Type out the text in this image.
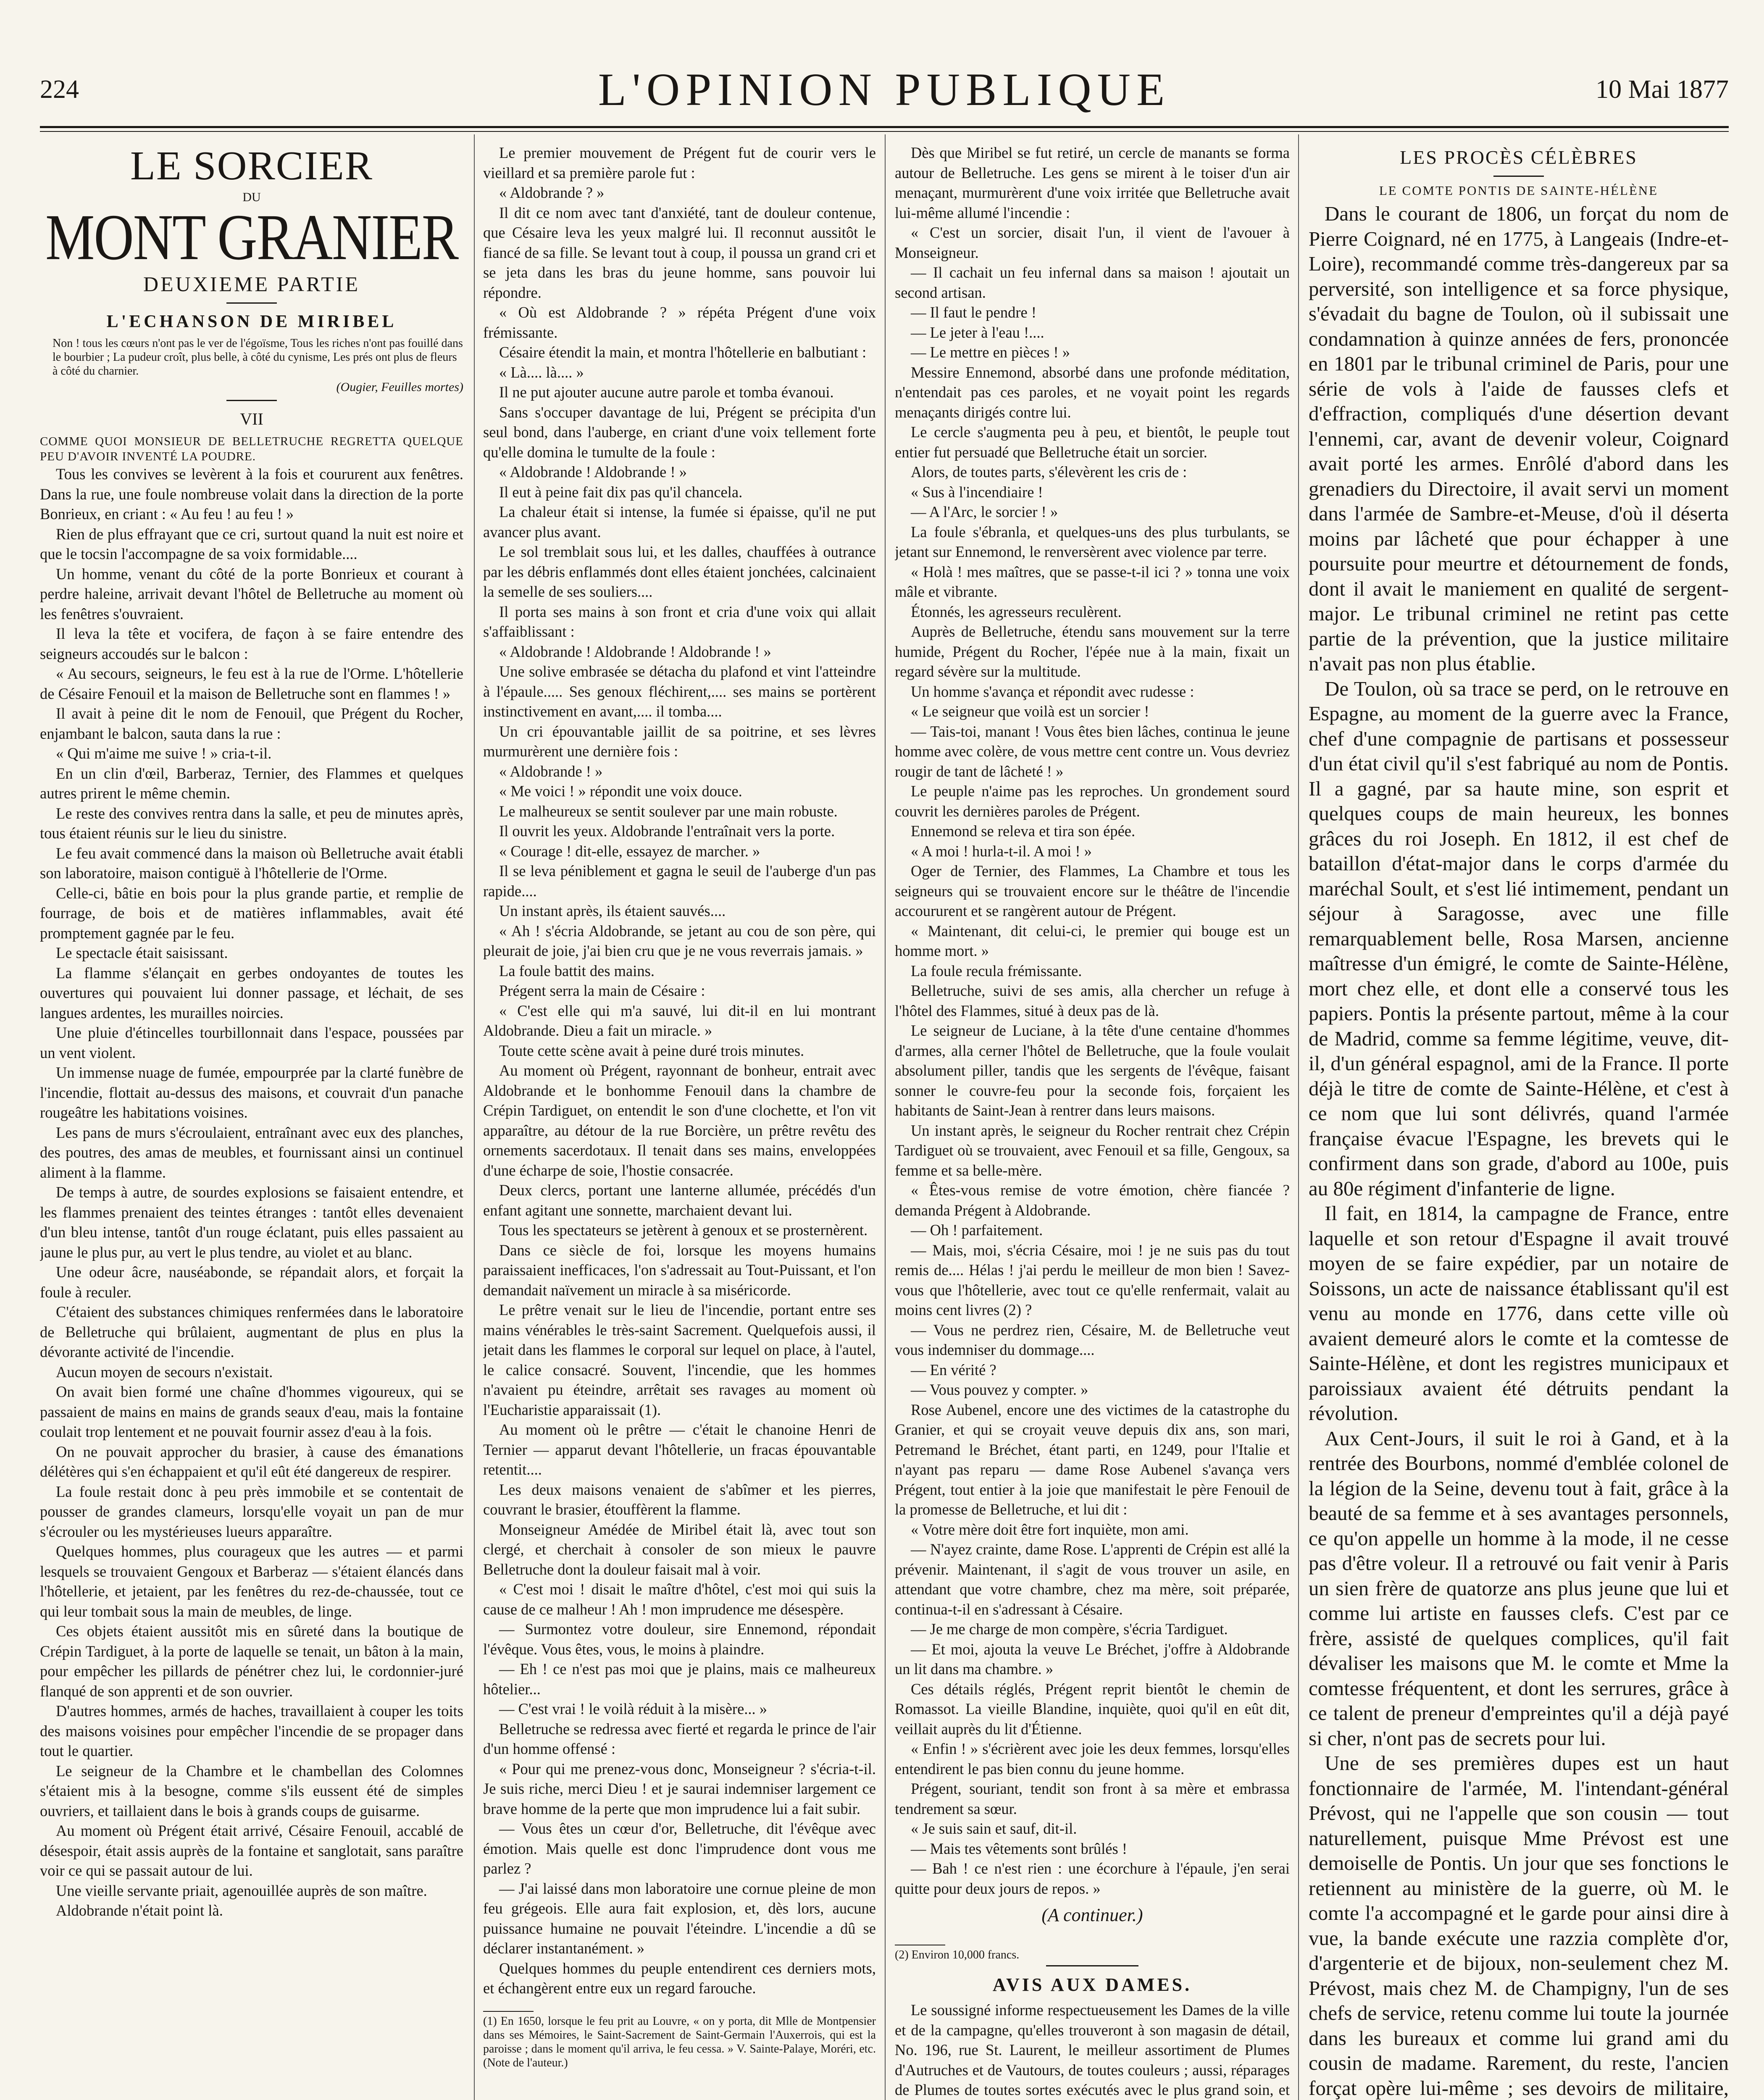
224	L'OPINION PUBLIQUE	10 Mai 1877

LE SORCIER

DU

MONT GRANIER

DEUXIEME PARTIE

L'ECHANSON DE MIRIBEL

Non ! tous les cœurs n'ont pas le ver de l'égoïsme, Tous les riches n'ont pas fouillé dans le bourbier ; La pudeur croît, plus belle, à côté du cynisme, Les prés ont plus de fleurs à côté du charnier.

(Ougier, Feuilles mortes)

VII

COMME QUOI MONSIEUR DE BELLETRUCHE REGRETTA QUELQUE PEU D'AVOIR INVENTÉ LA POUDRE.

Tous les convives se levèrent à la fois et coururent aux fenêtres. Dans la rue, une foule nombreuse volait dans la direction de la porte Bonrieux, en criant : « Au feu ! au feu ! »

Rien de plus effrayant que ce cri, surtout quand la nuit est noire et que le tocsin l'accompagne de sa voix formidable....

Un homme, venant du côté de la porte Bonrieux et courant à perdre haleine, arrivait devant l'hôtel de Belletruche au moment où les fenêtres s'ouvraient.

Il leva la tête et vocifera, de façon à se faire entendre des seigneurs accoudés sur le balcon :

« Au secours, seigneurs, le feu est à la rue de l'Orme. L'hôtellerie de Césaire Fenouil et la maison de Belletruche sont en flammes ! »

Il avait à peine dit le nom de Fenouil, que Prégent du Rocher, enjambant le balcon, sauta dans la rue :

« Qui m'aime me suive ! » cria-t-il.

En un clin d'œil, Barberaz, Ternier, des Flammes et quelques autres prirent le même chemin.

Le reste des convives rentra dans la salle, et peu de minutes après, tous étaient réunis sur le lieu du sinistre.

Le feu avait commencé dans la maison où Belletruche avait établi son laboratoire, maison contiguë à l'hôtellerie de l'Orme.

Celle-ci, bâtie en bois pour la plus grande partie, et remplie de fourrage, de bois et de matières inflammables, avait été promptement gagnée par le feu.

Le spectacle était saisissant.

La flamme s'élançait en gerbes ondoyantes de toutes les ouvertures qui pouvaient lui donner passage, et léchait, de ses langues ardentes, les murailles noircies.

Une pluie d'étincelles tourbillonnait dans l'espace, poussées par un vent violent.

Un immense nuage de fumée, empourprée par la clarté funèbre de l'incendie, flottait au-dessus des maisons, et couvrait d'un panache rougeâtre les habitations voisines.

Les pans de murs s'écroulaient, entraînant avec eux des planches, des poutres, des amas de meubles, et fournissant ainsi un continuel aliment à la flamme.

De temps à autre, de sourdes explosions se faisaient entendre, et les flammes prenaient des teintes étranges : tantôt elles devenaient d'un bleu intense, tantôt d'un rouge éclatant, puis elles passaient au jaune le plus pur, au vert le plus tendre, au violet et au blanc.

Une odeur âcre, nauséabonde, se répandait alors, et forçait la foule à reculer.

C'étaient des substances chimiques renfermées dans le laboratoire de Belletruche qui brûlaient, augmentant de plus en plus la dévorante activité de l'incendie.

Aucun moyen de secours n'existait.

On avait bien formé une chaîne d'hommes vigoureux, qui se passaient de mains en mains de grands seaux d'eau, mais la fontaine coulait trop lentement et ne pouvait fournir assez d'eau à la fois.

On ne pouvait approcher du brasier, à cause des émanations délétères qui s'en échappaient et qu'il eût été dangereux de respirer.

La foule restait donc à peu près immobile et se contentait de pousser de grandes clameurs, lorsqu'elle voyait un pan de mur s'écrouler ou les mystérieuses lueurs apparaître.

Quelques hommes, plus courageux que les autres — et parmi lesquels se trouvaient Gengoux et Barberaz — s'étaient élancés dans l'hôtellerie, et jetaient, par les fenêtres du rez-de-chaussée, tout ce qui leur tombait sous la main de meubles, de linge.

Ces objets étaient aussitôt mis en sûreté dans la boutique de Crépin Tardiguet, à la porte de laquelle se tenait, un bâton à la main, pour empêcher les pillards de pénétrer chez lui, le cordonnier-juré flanqué de son apprenti et de son ouvrier.

D'autres hommes, armés de haches, travaillaient à couper les toits des maisons voisines pour empêcher l'incendie de se propager dans tout le quartier.

Le seigneur de la Chambre et le chambellan des Colomnes s'étaient mis à la besogne, comme s'ils eussent été de simples ouvriers, et taillaient dans le bois à grands coups de guisarme.

Au moment où Prégent était arrivé, Césaire Fenouil, accablé de désespoir, était assis auprès de la fontaine et sanglotait, sans paraître voir ce qui se passait autour de lui.

Une vieille servante priait, agenouillée auprès de son maître.

Aldobrande n'était point là.

Le premier mouvement de Prégent fut de courir vers le vieillard et sa première parole fut :

« Aldobrande ? »

Il dit ce nom avec tant d'anxiété, tant de douleur contenue, que Césaire leva les yeux malgré lui. Il reconnut aussitôt le fiancé de sa fille. Se levant tout à coup, il poussa un grand cri et se jeta dans les bras du jeune homme, sans pouvoir lui répondre.

« Où est Aldobrande ? » répéta Prégent d'une voix frémissante.

Césaire étendit la main, et montra l'hôtellerie en balbutiant :

« Là.... là.... »

Il ne put ajouter aucune autre parole et tomba évanoui.

Sans s'occuper davantage de lui, Prégent se précipita d'un seul bond, dans l'auberge, en criant d'une voix tellement forte qu'elle domina le tumulte de la foule :

« Aldobrande ! Aldobrande ! »

Il eut à peine fait dix pas qu'il chancela.

La chaleur était si intense, la fumée si épaisse, qu'il ne put avancer plus avant.

Le sol tremblait sous lui, et les dalles, chauffées à outrance par les débris enflammés dont elles étaient jonchées, calcinaient la semelle de ses souliers....

Il porta ses mains à son front et cria d'une voix qui allait s'affaiblissant :

« Aldobrande ! Aldobrande ! Aldobrande ! »

Une solive embrasée se détacha du plafond et vint l'atteindre à l'épaule..... Ses genoux fléchirent,.... ses mains se portèrent instinctivement en avant,.... il tomba....

Un cri épouvantable jaillit de sa poitrine, et ses lèvres murmurèrent une dernière fois :

« Aldobrande ! »

« Me voici ! » répondit une voix douce.

Le malheureux se sentit soulever par une main robuste.

Il ouvrit les yeux. Aldobrande l'entraînait vers la porte.

« Courage ! dit-elle, essayez de marcher. »

Il se leva péniblement et gagna le seuil de l'auberge d'un pas rapide....

Un instant après, ils étaient sauvés....

« Ah ! s'écria Aldobrande, se jetant au cou de son père, qui pleurait de joie, j'ai bien cru que je ne vous reverrais jamais. »

La foule battit des mains.

Prégent serra la main de Césaire :

« C'est elle qui m'a sauvé, lui dit-il en lui montrant Aldobrande. Dieu a fait un miracle. »

Toute cette scène avait à peine duré trois minutes.

Au moment où Prégent, rayonnant de bonheur, entrait avec Aldobrande et le bonhomme Fenouil dans la chambre de Crépin Tardiguet, on entendit le son d'une clochette, et l'on vit apparaître, au détour de la rue Borcière, un prêtre revêtu des ornements sacerdotaux. Il tenait dans ses mains, enveloppées d'une écharpe de soie, l'hostie consacrée.

Deux clercs, portant une lanterne allumée, précédés d'un enfant agitant une sonnette, marchaient devant lui.

Tous les spectateurs se jetèrent à genoux et se prosternèrent.

Dans ce siècle de foi, lorsque les moyens humains paraissaient inefficaces, l'on s'adressait au Tout-Puissant, et l'on demandait naïvement un miracle à sa miséricorde.

Le prêtre venait sur le lieu de l'incendie, portant entre ses mains vénérables le très-saint Sacrement. Quelquefois aussi, il jetait dans les flammes le corporal sur lequel on place, à l'autel, le calice consacré. Souvent, l'incendie, que les hommes n'avaient pu éteindre, arrêtait ses ravages au moment où l'Eucharistie apparaissait (1).

Au moment où le prêtre — c'était le chanoine Henri de Ternier — apparut devant l'hôtellerie, un fracas épouvantable retentit....

Les deux maisons venaient de s'abîmer et les pierres, couvrant le brasier, étouffèrent la flamme.

Monseigneur Amédée de Miribel était là, avec tout son clergé, et cherchait à consoler de son mieux le pauvre Belletruche dont la douleur faisait mal à voir.

« C'est moi ! disait le maître d'hôtel, c'est moi qui suis la cause de ce malheur ! Ah ! mon imprudence me désespère.

— Surmontez votre douleur, sire Ennemond, répondait l'évêque. Vous êtes, vous, le moins à plaindre.

— Eh ! ce n'est pas moi que je plains, mais ce malheureux hôtelier...

— C'est vrai ! le voilà réduit à la misère... »

Belletruche se redressa avec fierté et regarda le prince de l'air d'un homme offensé :

« Pour qui me prenez-vous donc, Monseigneur ? s'écria-t-il. Je suis riche, merci Dieu ! et je saurai indemniser largement ce brave homme de la perte que mon imprudence lui a fait subir.

— Vous êtes un cœur d'or, Belletruche, dit l'évêque avec émotion. Mais quelle est donc l'imprudence dont vous me parlez ?

— J'ai laissé dans mon laboratoire une cornue pleine de mon feu grégeois. Elle aura fait explosion, et, dès lors, aucune puissance humaine ne pouvait l'éteindre. L'incendie a dû se déclarer instantanément. »

Quelques hommes du peuple entendirent ces derniers mots, et échangèrent entre eux un regard farouche.

(1) En 1650, lorsque le feu prit au Louvre, « on y porta, dit Mlle de Montpensier dans ses Mémoires, le Saint-Sacrement de Saint-Germain l'Auxerrois, qui est la paroisse ; dans le moment qu'il arriva, le feu cessa. » V. Sainte-Palaye, Moréri, etc. (Note de l'auteur.)

Dès que Miribel se fut retiré, un cercle de manants se forma autour de Belletruche. Les gens se mirent à le toiser d'un air menaçant, murmurèrent d'une voix irritée que Belletruche avait lui-même allumé l'incendie :

« C'est un sorcier, disait l'un, il vient de l'avouer à Monseigneur.

— Il cachait un feu infernal dans sa maison ! ajoutait un second artisan.

— Il faut le pendre !

— Le jeter à l'eau !....

— Le mettre en pièces ! »

Messire Ennemond, absorbé dans une profonde méditation, n'entendait pas ces paroles, et ne voyait point les regards menaçants dirigés contre lui.

Le cercle s'augmenta peu à peu, et bientôt, le peuple tout entier fut persuadé que Belletruche était un sorcier.

Alors, de toutes parts, s'élevèrent les cris de :

« Sus à l'incendiaire !

— A l'Arc, le sorcier ! »

La foule s'ébranla, et quelques-uns des plus turbulants, se jetant sur Ennemond, le renversèrent avec violence par terre.

« Holà ! mes maîtres, que se passe-t-il ici ? » tonna une voix mâle et vibrante.

Étonnés, les agresseurs reculèrent.

Auprès de Belletruche, étendu sans mouvement sur la terre humide, Prégent du Rocher, l'épée nue à la main, fixait un regard sévère sur la multitude.

Un homme s'avança et répondit avec rudesse :

« Le seigneur que voilà est un sorcier !

— Tais-toi, manant ! Vous êtes bien lâches, continua le jeune homme avec colère, de vous mettre cent contre un. Vous devriez rougir de tant de lâcheté ! »

Le peuple n'aime pas les reproches. Un grondement sourd couvrit les dernières paroles de Prégent.

Ennemond se releva et tira son épée.

« A moi ! hurla-t-il. A moi ! »

Oger de Ternier, des Flammes, La Chambre et tous les seigneurs qui se trouvaient encore sur le théâtre de l'incendie accoururent et se rangèrent autour de Prégent.

« Maintenant, dit celui-ci, le premier qui bouge est un homme mort. »

La foule recula frémissante.

Belletruche, suivi de ses amis, alla chercher un refuge à l'hôtel des Flammes, situé à deux pas de là.

Le seigneur de Luciane, à la tête d'une centaine d'hommes d'armes, alla cerner l'hôtel de Belletruche, que la foule voulait absolument piller, tandis que les sergents de l'évêque, faisant sonner le couvre-feu pour la seconde fois, forçaient les habitants de Saint-Jean à rentrer dans leurs maisons.

Un instant après, le seigneur du Rocher rentrait chez Crépin Tardiguet où se trouvaient, avec Fenouil et sa fille, Gengoux, sa femme et sa belle-mère.

« Êtes-vous remise de votre émotion, chère fiancée ? demanda Prégent à Aldobrande.

— Oh ! parfaitement.

— Mais, moi, s'écria Césaire, moi ! je ne suis pas du tout remis de.... Hélas ! j'ai perdu le meilleur de mon bien ! Savez-vous que l'hôtellerie, avec tout ce qu'elle renfermait, valait au moins cent livres (2) ?

— Vous ne perdrez rien, Césaire, M. de Belletruche veut vous indemniser du dommage....

— En vérité ?

— Vous pouvez y compter. »

Rose Aubenel, encore une des victimes de la catastrophe du Granier, et qui se croyait veuve depuis dix ans, son mari, Petremand le Bréchet, étant parti, en 1249, pour l'Italie et n'ayant pas reparu — dame Rose Aubenel s'avança vers Prégent, tout entier à la joie que manifestait le père Fenouil de la promesse de Belletruche, et lui dit :

« Votre mère doit être fort inquiète, mon ami.

— N'ayez crainte, dame Rose. L'apprenti de Crépin est allé la prévenir. Maintenant, il s'agit de vous trouver un asile, en attendant que votre chambre, chez ma mère, soit préparée, continua-t-il en s'adressant à Césaire.

— Je me charge de mon compère, s'écria Tardiguet.

— Et moi, ajouta la veuve Le Bréchet, j'offre à Aldobrande un lit dans ma chambre. »

Ces détails réglés, Prégent reprit bientôt le chemin de Romassot. La vieille Blandine, inquiète, quoi qu'il en eût dit, veillait auprès du lit d'Étienne.

« Enfin ! » s'écrièrent avec joie les deux femmes, lorsqu'elles entendirent le pas bien connu du jeune homme.

Prégent, souriant, tendit son front à sa mère et embrassa tendrement sa sœur.

« Je suis sain et sauf, dit-il.

— Mais tes vêtements sont brûlés !

— Bah ! ce n'est rien : une écorchure à l'épaule, j'en serai quitte pour deux jours de repos. »

(A continuer.)

(2) Environ 10,000 francs.

AVIS AUX DAMES.

Le soussigné informe respectueusement les Dames de la ville et de la campagne, qu'elles trouveront à son magasin de détail, No. 196, rue St. Laurent, le meilleur assortiment de Plumes d'Autruches et de Vautours, de toutes couleurs ; aussi, réparages de Plumes de toutes sortes exécutés avec le plus grand soin, et

LES PROCÈS CÉLÈBRES

LE COMTE PONTIS DE SAINTE-HÉLÈNE

Dans le courant de 1806, un forçat du nom de Pierre Coignard, né en 1775, à Langeais (Indre-et-Loire), recommandé comme très-dangereux par sa perversité, son intelligence et sa force physique, s'évadait du bagne de Toulon, où il subissait une condamnation à quinze années de fers, prononcée en 1801 par le tribunal criminel de Paris, pour une série de vols à l'aide de fausses clefs et d'effraction, compliqués d'une désertion devant l'ennemi, car, avant de devenir voleur, Coignard avait porté les armes. Enrôlé d'abord dans les grenadiers du Directoire, il avait servi un moment dans l'armée de Sambre-et-Meuse, d'où il déserta moins par lâcheté que pour échapper à une poursuite pour meurtre et détournement de fonds, dont il avait le maniement en qualité de sergent-major. Le tribunal criminel ne retint pas cette partie de la prévention, que la justice militaire n'avait pas non plus établie.

De Toulon, où sa trace se perd, on le retrouve en Espagne, au moment de la guerre avec la France, chef d'une compagnie de partisans et possesseur d'un état civil qu'il s'est fabriqué au nom de Pontis. Il a gagné, par sa haute mine, son esprit et quelques coups de main heureux, les bonnes grâces du roi Joseph. En 1812, il est chef de bataillon d'état-major dans le corps d'armée du maréchal Soult, et s'est lié intimement, pendant un séjour à Saragosse, avec une fille remarquablement belle, Rosa Marsen, ancienne maîtresse d'un émigré, le comte de Sainte-Hélène, mort chez elle, et dont elle a conservé tous les papiers. Pontis la présente partout, même à la cour de Madrid, comme sa femme légitime, veuve, dit-il, d'un général espagnol, ami de la France. Il porte déjà le titre de comte de Sainte-Hélène, et c'est à ce nom que lui sont délivrés, quand l'armée française évacue l'Espagne, les brevets qui le confirment dans son grade, d'abord au 100e, puis au 80e régiment d'infanterie de ligne.

Il fait, en 1814, la campagne de France, entre laquelle et son retour d'Espagne il avait trouvé moyen de se faire expédier, par un notaire de Soissons, un acte de naissance établissant qu'il est venu au monde en 1776, dans cette ville où avaient demeuré alors le comte et la comtesse de Sainte-Hélène, et dont les registres municipaux et paroissiaux avaient été détruits pendant la révolution.

Aux Cent-Jours, il suit le roi à Gand, et à la rentrée des Bourbons, nommé d'emblée colonel de la légion de la Seine, devenu tout à fait, grâce à la beauté de sa femme et à ses avantages personnels, ce qu'on appelle un homme à la mode, il ne cesse pas d'être voleur. Il a retrouvé ou fait venir à Paris un sien frère de quatorze ans plus jeune que lui et comme lui artiste en fausses clefs. C'est par ce frère, assisté de quelques complices, qu'il fait dévaliser les maisons que M. le comte et Mme la comtesse fréquentent, et dont les serrures, grâce à ce talent de preneur d'empreintes qu'il a déjà payé si cher, n'ont pas de secrets pour lui.

Une de ses premières dupes est un haut fonctionnaire de l'armée, M. l'intendant-général Prévost, qui ne l'appelle que son cousin — tout naturellement, puisque Mme Prévost est une demoiselle de Pontis. Un jour que ses fonctions le retiennent au ministère de la guerre, où M. le comte l'a accompagné et le garde pour ainsi dire à vue, la bande exécute une razzia complète d'or, d'argenterie et de bijoux, non-seulement chez M. Prévost, mais chez M. de Champigny, l'un de ses chefs de service, retenu comme lui toute la journée dans les bureaux et comme lui grand ami du cousin de madame. Rarement, du reste, l'ancien forçat opère lui-même ; ses devoirs de militaire,
